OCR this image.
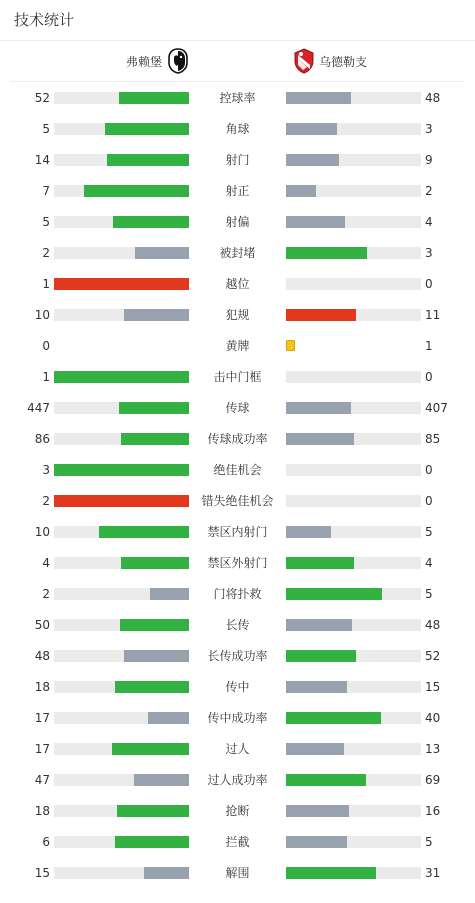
技术统计
弗赖堡	乌德勒支
52	控球率	48
5	角球	3
14	射门	9
7	射正	2
5	射偏	4
2	被封堵	3
1	越位	0
10	犯规	11
0	黄牌	1
1	击中门框	0
447	传球	407
86	传球成功率	85
3	绝佳机会	0
2	错失绝佳机会	0
10	禁区内射门	5
4	禁区外射门	4
2	门将扑救	5
50	长传	48
48	长传成功率	52
18	传中	15
17	传中成功率	40
17	过人	13
47	过人成功率	69
18	抢断	16
6	拦截	5
15	解围	31
